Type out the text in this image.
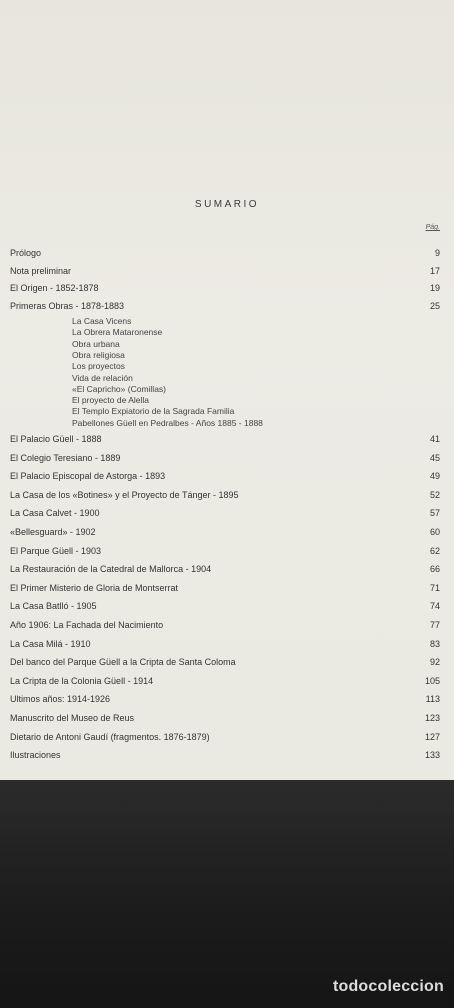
SUMARIO
Pág.
Prólogo	9
Nota preliminar	17
El Origen - 1852-1878	19
Primeras Obras - 1878-1883	25
La Casa Vicens
La Obrera Mataronense
Obra urbana
Obra religiosa
Los proyectos
Vida de relación
«El Capricho» (Comillas)
El proyecto de Alella
El Templo Expiatorio de la Sagrada Familia
Pabellones Güell en Pedralbes - Años 1885 - 1888
El Palacio Güell - 1888	41
El Colegio Teresiano - 1889	45
El Palacio Episcopal de Astorga - 1893	49
La Casa de los «Botines» y el Proyecto de Tánger - 1895	52
La Casa Calvet - 1900	57
«Bellesguard» - 1902	60
El Parque Güell - 1903	62
La Restauración de la Catedral de Mallorca - 1904	66
El Primer Misterio de Gloria de Montserrat	71
La Casa Batlló - 1905	74
Año 1906: La Fachada del Nacimiento	77
La Casa Milá - 1910	83
Del banco del Parque Güell a la Cripta de Santa Coloma	92
La Cripta de la Colonia Güell - 1914	105
Ultimos años: 1914-1926	113
Manuscrito del Museo de Reus	123
Dietario de Antoni Gaudí (fragmentos. 1876-1879)	127
Ilustraciones	133
todocoleccion
